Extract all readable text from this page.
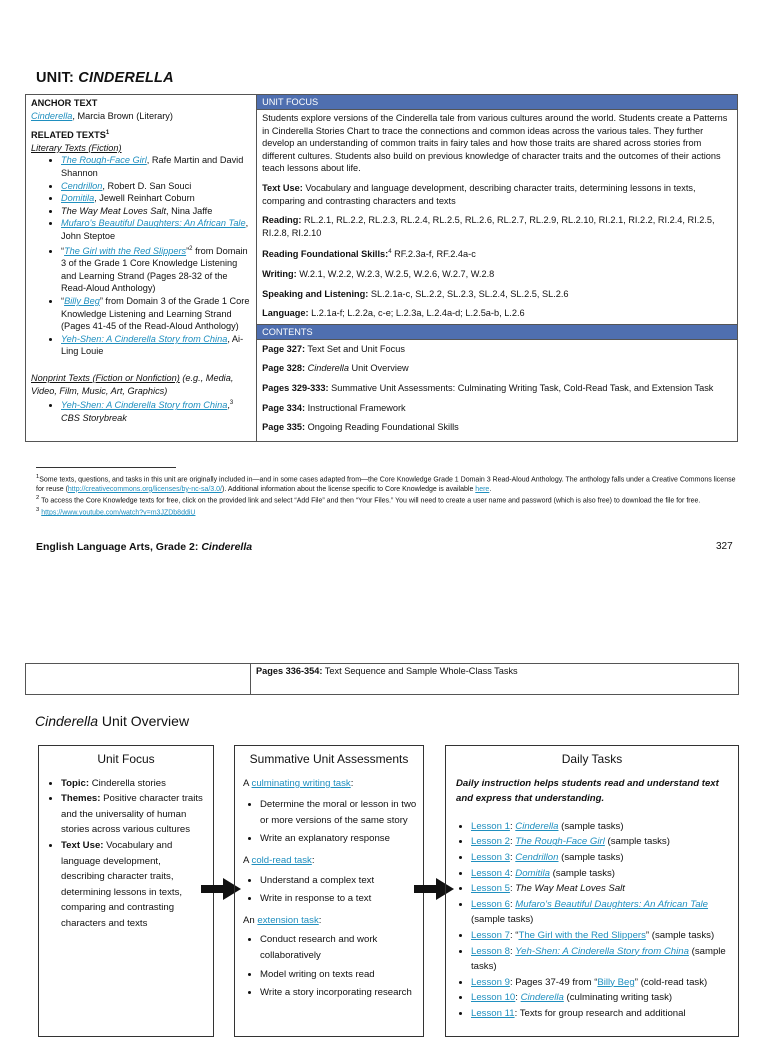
UNIT: CINDERELLA
ANCHOR TEXT
Cinderella, Marcia Brown (Literary)
RELATED TEXTS$^1$
Literary Texts (Fiction)
• The Rough-Face Girl, Rafe Martin and David Shannon
• Cendrillon, Robert D. San Souci
• Domitila, Jewell Reinhart Coburn
• The Way Meat Loves Salt, Nina Jaffe
• Mufaro's Beautiful Daughters: An African Tale, John Steptoe
• “The Girl with the Red Slippers”$^2$ from Domain 3 of the Grade 1 Core Knowledge Listening and Learning Strand (Pages 28-32 of the Read-Aloud Anthology)
• “Billy Beg” from Domain 3 of the Grade 1 Core Knowledge Listening and Learning Strand (Pages 41-45 of the Read-Aloud Anthology)
• Yeh-Shen: A Cinderella Story from China, Ai-Ling Louie
Nonprint Texts (Fiction or Nonfiction) (e.g., Media, Video, Film, Music, Art, Graphics)
• Yeh-Shen: A Cinderella Story from China,$^3$
CBS Storybreak

UNIT FOCUS

Students explore versions of the Cinderella tale from various cultures around the world. Students create a Patterns in Cinderella Stories Chart to trace the connections and common ideas across the various tales. They further develop an understanding of common traits in fairy tales and how those traits are shared across stories from different cultures. Students also build on previous knowledge of character traits and the outcomes of their actions teach lessons about life.

Text Use: Vocabulary and language development, describing character traits, determining lessons in texts, comparing and contrasting characters and texts

Reading: RL.2.1, RL.2.2, RL.2.3, RL.2.4, RL.2.5, RL.2.6, RL.2.7, RL.2.9, RL.2.10, RI.2.1, RI.2.2, RI.2.4, RI.2.5, RI.2.8, RI.2.10

Reading Foundational Skills:$^4$ RF.2.3a-f, RF.2.4a-c

Writing: W.2.1, W.2.2, W.2.3, W.2.5, W.2.6, W.2.7, W.2.8

Speaking and Listening: SL.2.1a-c, SL.2.2, SL.2.3, SL.2.4, SL.2.5, SL.2.6

Language: L.2.1a-f; L.2.2a, c-e; L.2.3a, L.2.4a-d; L.2.5a-b, L.2.6

CONTENTS
Page 327: Text Set and Unit Focus
Page 328: Cinderella Unit Overview
Pages 329-333: Summative Unit Assessments: Culminating Writing Task, Cold-Read Task, and Extension Task
Page 334: Instructional Framework
Page 335: Ongoing Reading Foundational Skills

$^1$Some texts, questions, and tasks in this unit are originally included in—and in some cases adapted from—the Core Knowledge Grade 1 Domain 3 Read-Aloud Anthology. The anthology falls under a Creative Commons license for reuse (http://creativecommons.org/licenses/by-nc-sa/3.0/). Additional information about the license specific to Core Knowledge is available here.

$^2$ To access the Core Knowledge texts for free, click on the provided link and select “Add File” and then “Your Files.” You will need to create a user name and password (which is also free) to download the file for free.

$^3$ https://www.youtube.com/watch?v=m3JZDb8ddiU

English Language Arts, Grade 2: Cinderella	327
Pages 336-354: Text Sequence and Sample Whole-Class Tasks
Cinderella Unit Overview
Unit Focus
• Topic: Cinderella stories
• Themes: Positive character traits and the universality of human stories across various cultures
• Text Use: Vocabulary and language development, describing character traits, determining lessons in texts, comparing and contrasting characters and texts
Summative Unit Assessments

A culminating writing task:

• Determine the moral or lesson in two or more versions of the same story
• Write an explanatory response

A cold-read task:

• Understand a complex text
• Write in response to a text

An extension task:

• Conduct research and work collaboratively
• Model writing on texts read
• Write a story incorporating research
Daily Tasks

Daily instruction helps students read and understand text and express that understanding.

• Lesson 1: Cinderella (sample tasks)
• Lesson 2: The Rough-Face Girl (sample tasks)
• Lesson 3: Cendrillon (sample tasks)
• Lesson 4: Domitila (sample tasks)
• Lesson 5: The Way Meat Loves Salt
• Lesson 6: Mufaro's Beautiful Daughters: An African Tale (sample tasks)
• Lesson 7: “The Girl with the Red Slippers” (sample tasks)
• Lesson 8: Yeh-Shen: A Cinderella Story from China (sample tasks)
• Lesson 9: Pages 37-49 from “Billy Beg” (cold-read task)
• Lesson 10: Cinderella (culminating writing task)
• Lesson 11: Texts for group research and additional
